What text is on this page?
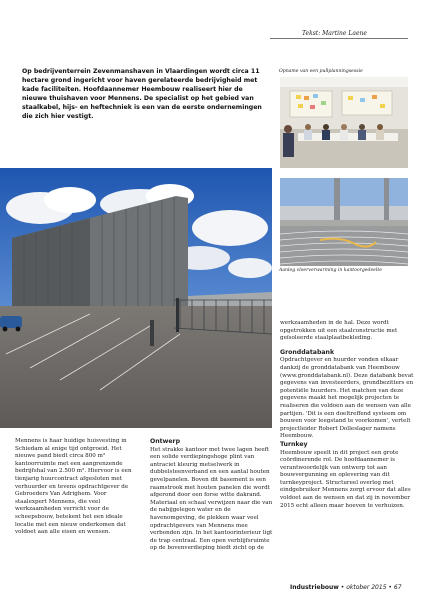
Tekst: Martine Laene
Op bedrijventerrein Zevenmanshaven in Vlaardingen wordt circa 11 hectare grond ingericht voor haven gerelateerde bedrijvigheid met kade faciliteiten. Hoofdaannemer Heembouw realiseert hier de nieuwe thuishaven voor Mennens. De specialist op het gebied van staalkabel, hijs- en heftechniek is een van de eerste ondernemingen die zich hier vestigt.
Opname van een pullplanningsessie
Aanleg vloerverwarming in kantoorgedeelte

Mennens is haar huidige huisvesting in Schiedam al enige tijd ontgroeid. Het nieuwe pand biedt circa 800 m² kantoorruimte met een aangrenzende bedrijfshal van 2.500 m². Hiervoor is een tienjarig huurcontract afgesloten met verhuurder en tevens opdrachtgever de Gebroeders Van Adrighem. Voor staalexpert Mennens, die veel werkzaamheden verricht voor de scheepsbouw, betekent het een ideale locatie met een nieuw onderkomen dat voldoet aan alle eisen en wensen.

Ontwerp

Het strakke kantoor met twee lagen heeft een solide verdiepingshoge plint van antraciet kleurig metselwerk in dubbelsteenverband en een aantal houten gevelpanelen. Boven dit basement is een raamstrook met houten panelen die wordt afgerond door een forse witte dakrand. Materiaal en schaal verwijzen naar die van de nabijgelegen water en de havenomgeving, de plekken waar veel opdrachtgevers van Mennens mee verbonden zijn. In het kantoorinterieur ligt de trap centraal. Een open verblijfsruimte op de bovenverdieping biedt zicht op de

werkzaamheden in de hal. Deze wordt opgetrokken uit een staalconstructie met geïsoleerde staalplaatbekleding.

Gronddatabank

Opdrachtgever en huurder vonden elkaar dankzij de gronddatabank van Heembouw (www.gronddatabank.nl). Deze databank bevat gegevens van investeerders, grondbezitters en potentiële huurders. Het matchen van deze gegevens maakt het mogelijk projecten te realiseren die voldoen aan de wensen van alle partijen. 'Dit is een doeltreffend systeem om bouwen voor leegstand te voorkomen', vertelt projectleider Robert Dolleslager namens Heembouw.

Turnkey

Heembouw speelt in dit project een grote coördinerende rol. De hoofdaannemer is verantwoordelijk van ontwerp tot aan bouwvergunning en oplevering van dit turnkeyproject. Structureel overleg met eindgebruiker Mennens zorgt ervoor dat alles voldoet aan de wensen en dat zij in november 2015 echt alleen maar hoeven te verhuizen.

Industriebouw • oktober 2015 • 67
